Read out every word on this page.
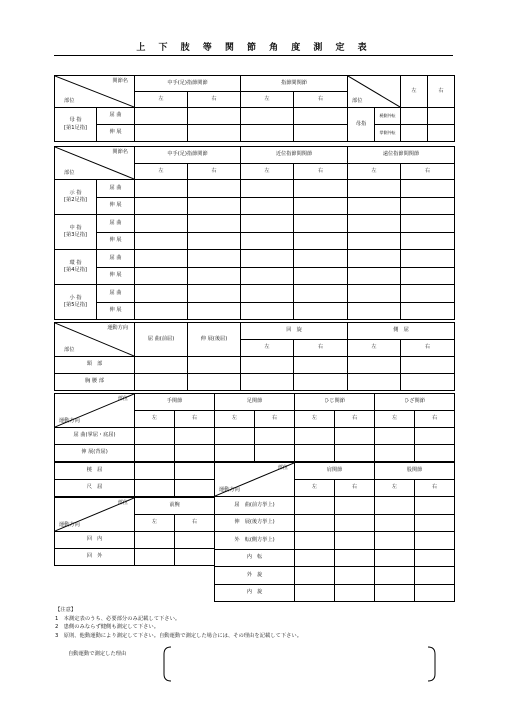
上 下 肢 等 関 節 角 度 測 定 表
関節名
部位		中手(足)指節関節		指節間関節		部位		左	右
		左	右	左	右				
母 指
[第1足指]	屈 曲					母指	橈側外転		
	伸 展						掌側外転		
関節名
部位		中手(足)指節関節		近位指節間関節		遠位指節間関節	
		左	右	左	右	左	右
示 指
[第2足指]	屈 曲						
	伸 展						
中 指
[第3足指]	屈 曲						
	伸 展						
環 指
[第4足指]	屈 曲						
	伸 展						
小 指
[第5足指]	屈 曲						
	伸 展						
運動方向
部位	屈 曲(前屈)	伸 展(後屈)	回　旋		側　屈	
			左	右	左	右
頸　部						
胸 腰 部						
部位
運動方向	手関節		足関節		ひじ関節		ひざ関節	
	左	右	左	右	左	右	左	右
屈 曲(掌屈・底屈)								
伸 展(背屈)								
橈　屈		
尺　屈		
部位
運動方向	前腕	
	左	右
回　内		
回　外		
部位
運動方向	肩関節		股関節	
	左	右	左	右
屈　曲(前方挙上)				
伸　展(後方挙上)				
外　転(側方挙上)				
内　転				
外　旋				
内　旋				
【注意】
1　本測定表のうち、必要部分のみ記載して下さい。
2　患側のみならず健側も測定して下さい。
3　原則、他動運動により測定して下さい。自動運動で測定した場合には、その理由を記載して下さい。
自動運動で測定した理由
